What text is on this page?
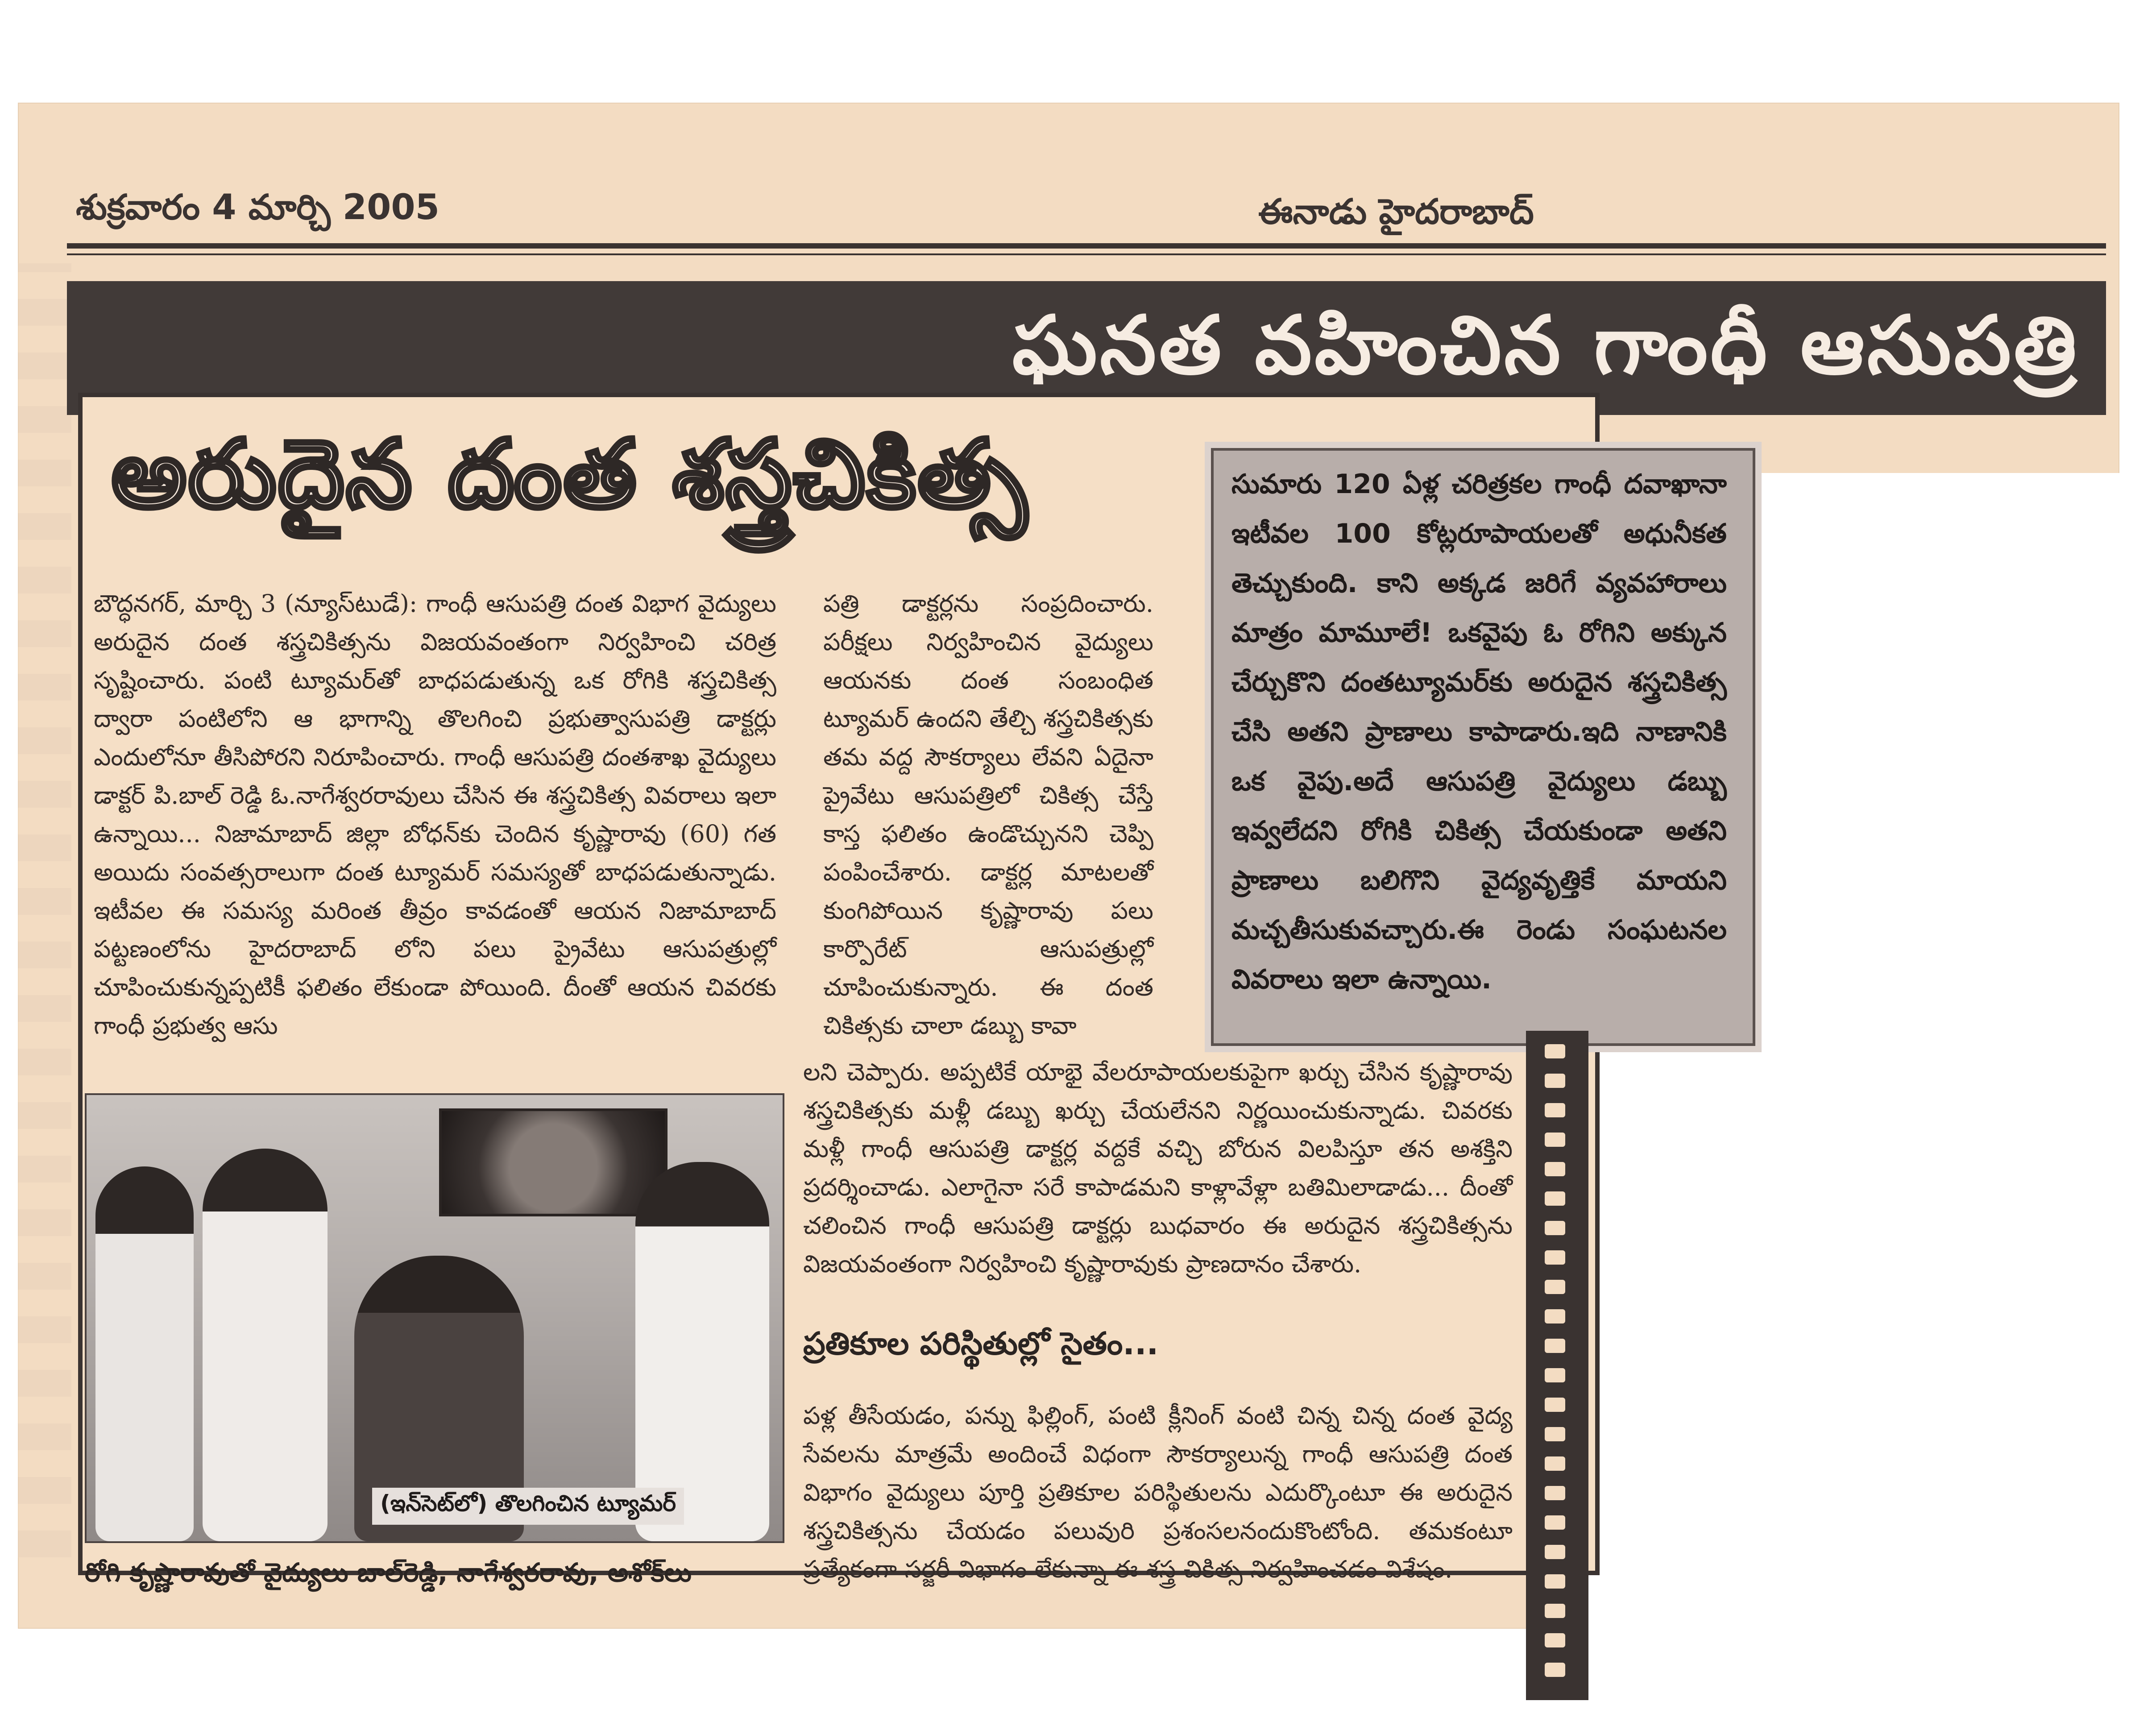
శుక్రవారం 4 మార్చి 2005	ఈనాడు హైదరాబాద్
ఘనత వహించిన గాంధీ ఆసుపత్రి
అరుదైన దంత శస్త్రచికిత్స
బౌద్ధనగర్, మార్చి 3 (న్యూస్‌టుడే): గాంధీ ఆసుపత్రి దంత విభాగ వైద్యులు అరుదైన దంత శస్త్రచికిత్సను విజయవంతంగా నిర్వహించి చరిత్ర సృష్టించారు. పంటి ట్యూమర్‌తో బాధపడుతున్న ఒక రోగికి శస్త్రచికిత్స ద్వారా పంటిలోని ఆ భాగాన్ని తొలగించి ప్రభుత్వాసుపత్రి డాక్టర్లు ఎందులోనూ తీసిపోరని నిరూపించారు. గాంధీ ఆసుపత్రి దంతశాఖ వైద్యులు డాక్టర్ పి.బాల్ రెడ్డి ఓ.నాగేశ్వరరావులు చేసిన ఈ శస్త్రచికిత్స వివరాలు ఇలా ఉన్నాయి... నిజామాబాద్ జిల్లా బోధన్‌కు చెందిన కృష్ణారావు (60) గత అయిదు సంవత్సరాలుగా దంత ట్యూమర్ సమస్యతో బాధపడుతున్నాడు. ఇటీవల ఈ సమస్య మరింత తీవ్రం కావడంతో ఆయన నిజామాబాద్ పట్టణంలోను హైదరాబాద్ లోని పలు ప్రైవేటు ఆసుపత్రుల్లో చూపించుకున్నప్పటికీ ఫలితం లేకుండా పోయింది. దీంతో ఆయన చివరకు గాంధీ ప్రభుత్వ ఆసు
పత్రి డాక్టర్లను సంప్రదించారు. పరీక్షలు నిర్వహించిన వైద్యులు ఆయనకు దంత సంబంధిత ట్యూమర్ ఉందని తేల్చి శస్త్రచికిత్సకు తమ వద్ద సౌకర్యాలు లేవని ఏదైనా ప్రైవేటు ఆసుపత్రిలో చికిత్స చేస్తే కాస్త ఫలితం ఉండొచ్చునని చెప్పి పంపించేశారు. డాక్టర్ల మాటలతో కుంగిపోయిన కృష్ణారావు పలు కార్పొరేట్ ఆసుపత్రుల్లో చూపించుకున్నారు. ఈ దంత చికిత్సకు చాలా డబ్బు కావా
లని చెప్పారు. అప్పటికే యాభై వేలరూపాయలకుపైగా ఖర్చు చేసిన కృష్ణారావు శస్త్రచికిత్సకు మళ్లీ డబ్బు ఖర్చు చేయలేనని నిర్ణయించుకున్నాడు. చివరకు మళ్లీ గాంధీ ఆసుపత్రి డాక్టర్ల వద్దకే వచ్చి బోరున విలపిస్తూ తన అశక్తిని ప్రదర్శించాడు. ఎలాగైనా సరే కాపాడమని కాళ్లావేళ్లా బతిమిలాడాడు... దీంతో చలించిన గాంధీ ఆసుపత్రి డాక్టర్లు బుధవారం ఈ అరుదైన శస్త్రచికిత్సను విజయవంతంగా నిర్వహించి కృష్ణారావుకు ప్రాణదానం చేశారు.
ప్రతికూల పరిస్థితుల్లో సైతం...
పళ్ల తీసేయడం, పన్ను ఫిల్లింగ్, పంటి క్లీనింగ్ వంటి చిన్న చిన్న దంత వైద్య సేవలను మాత్రమే అందించే విధంగా సౌకర్యాలున్న గాంధీ ఆసుపత్రి దంత విభాగం వైద్యులు పూర్తి ప్రతికూల పరిస్థితులను ఎదుర్కొంటూ ఈ అరుదైన శస్త్రచికిత్సను చేయడం పలువురి ప్రశంసలనందుకొంటోంది. తమకంటూ ప్రత్యేకంగా సర్జరీ విభాగం లేకున్నా ఈ శస్త్ర చికిత్స నిర్వహించడం విశేషం.
(ఇన్‌సెట్‌లో) తొలగించిన ట్యూమర్
రోగి కృష్ణారావుతో వైద్యులు బాల్‌రెడ్డి, నాగేశ్వరరావు, అశోక్‌లు
సుమారు 120 ఏళ్ల చరిత్రకల గాంధీ దవాఖానా ఇటీవల 100 కోట్లరూపాయలతో అధునీకత తెచ్చుకుంది. కాని అక్కడ జరిగే వ్యవహారాలు మాత్రం మామూలే! ఒకవైపు ఓ రోగిని అక్కున చేర్చుకొని దంతట్యూమర్‌కు అరుదైన శస్త్రచికిత్స చేసి అతని ప్రాణాలు కాపాడారు.ఇది నాణానికి ఒక వైపు.అదే ఆసుపత్రి వైద్యులు డబ్బు ఇవ్వలేదని రోగికి చికిత్స చేయకుండా అతని ప్రాణాలు బలిగొని వైద్యవృత్తికే మాయని మచ్చతీసుకువచ్చారు.ఈ రెండు సంఘటనల వివరాలు ఇలా ఉన్నాయి.
